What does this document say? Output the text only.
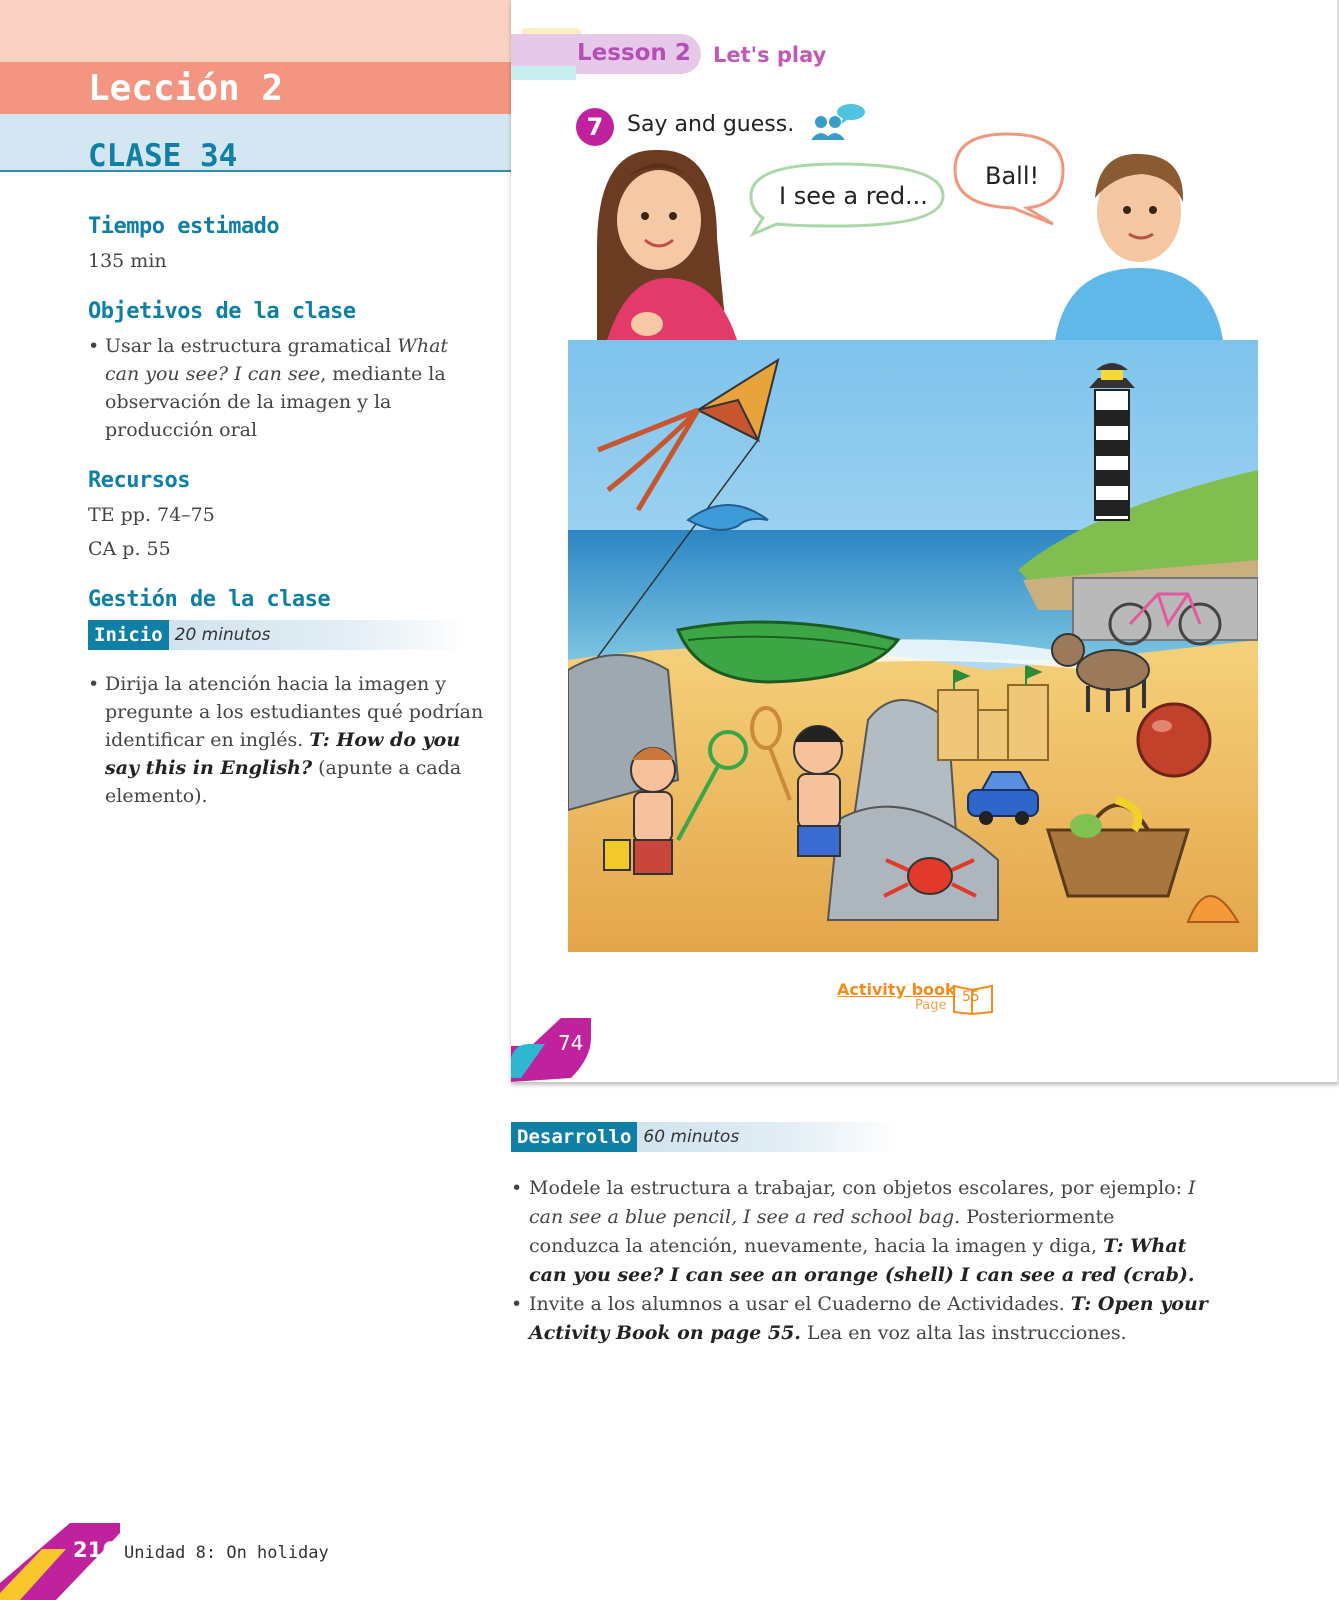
Lección 2
CLASE 34
Tiempo estimado
135 min
Objetivos de la clase
• Usar la estructura gramatical What can you see? I can see, mediante la observación de la imagen y la producción oral
Recursos
TE pp. 74–75
CA p. 55
Gestión de la clase
Inicio 20 minutos
• Dirija la atención hacia la imagen y pregunte a los estudiantes qué podrían identificar en inglés. T: How do you say this in English? (apunte a cada elemento).
Lesson 2 Let's play
7	Say and guess.
I see a red...
Ball!
Activity book
Page
55
74
Desarrollo 60 minutos
• Modele la estructura a trabajar, con objetos escolares, por ejemplo: I can see a blue pencil, I see a red school bag. Posteriormente conduzca la atención, nuevamente, hacia la imagen y diga, T: What can you see? I can see an orange (shell) I can see a red (crab).
• Invite a los alumnos a usar el Cuaderno de Actividades. T: Open your Activity Book on page 55. Lea en voz alta las instrucciones.
216 Unidad 8: On holiday
